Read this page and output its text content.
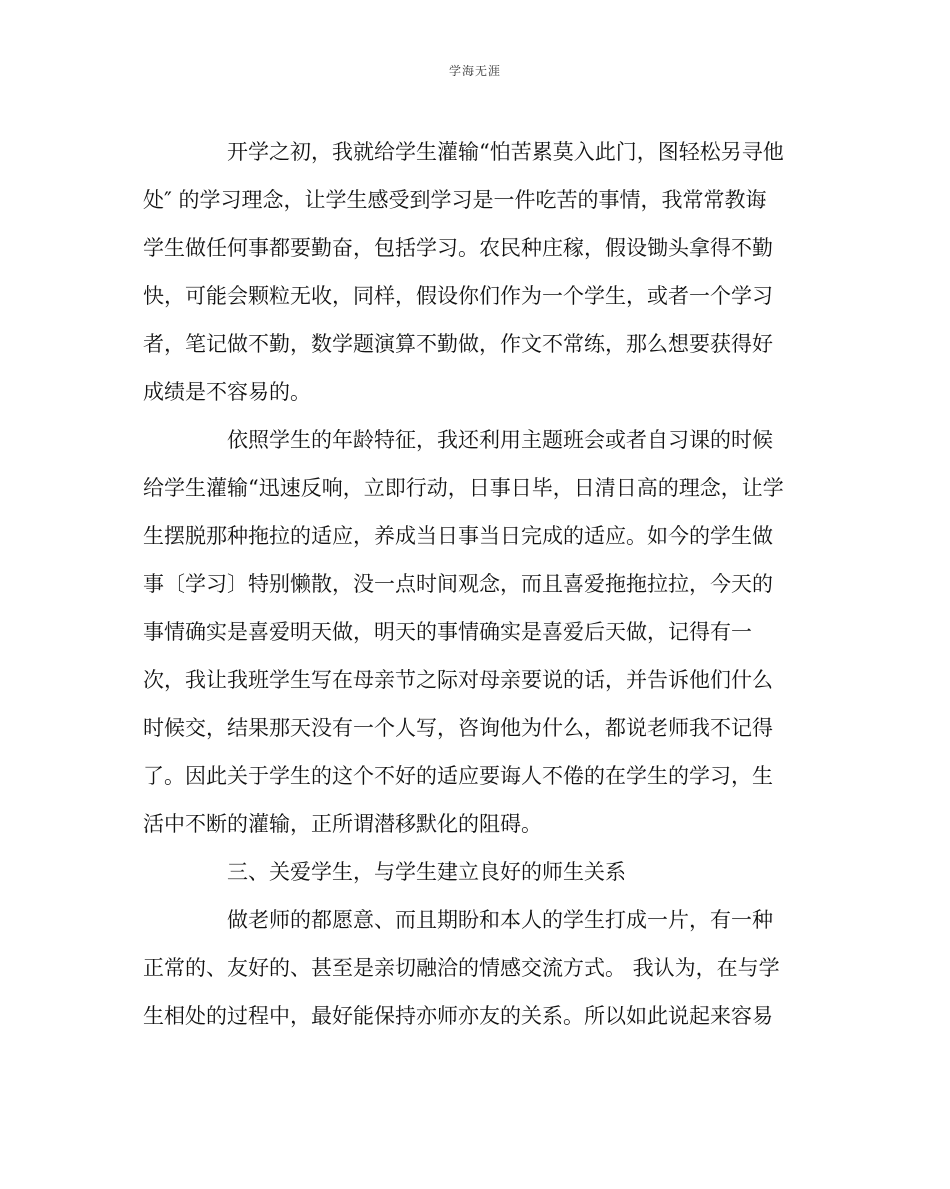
学海无涯
开学之初，我就给学生灌输“怕苦累莫入此门，图轻松另寻他
处″ 的学习理念，让学生感受到学习是一件吃苦的事情，我常常教诲
学生做任何事都要勤奋，包括学习。农民种庄稼，假设锄头拿得不勤
快，可能会颗粒无收，同样，假设你们作为一个学生，或者一个学习
者，笔记做不勤，数学题演算不勤做，作文不常练，那么想要获得好
成绩是不容易的。
依照学生的年龄特征，我还利用主题班会或者自习课的时候
给学生灌输“迅速反响，立即行动，日事日毕，日清日高的理念，让学
生摆脱那种拖拉的适应，养成当日事当日完成的适应。如今的学生做
事〔学习〕特别懒散，没一点时间观念，而且喜爱拖拖拉拉，今天的
事情确实是喜爱明天做，明天的事情确实是喜爱后天做，记得有一
次，我让我班学生写在母亲节之际对母亲要说的话，并告诉他们什么
时候交，结果那天没有一个人写，咨询他为什么，都说老师我不记得
了。因此关于学生的这个不好的适应要诲人不倦的在学生的学习，生
活中不断的灌输，正所谓潜移默化的阻碍。
三、关爱学生，与学生建立良好的师生关系
做老师的都愿意、而且期盼和本人的学生打成一片，有一种
正常的、友好的、甚至是亲切融洽的情感交流方式。 我认为，在与学
生相处的过程中，最好能保持亦师亦友的关系。所以如此说起来容易
